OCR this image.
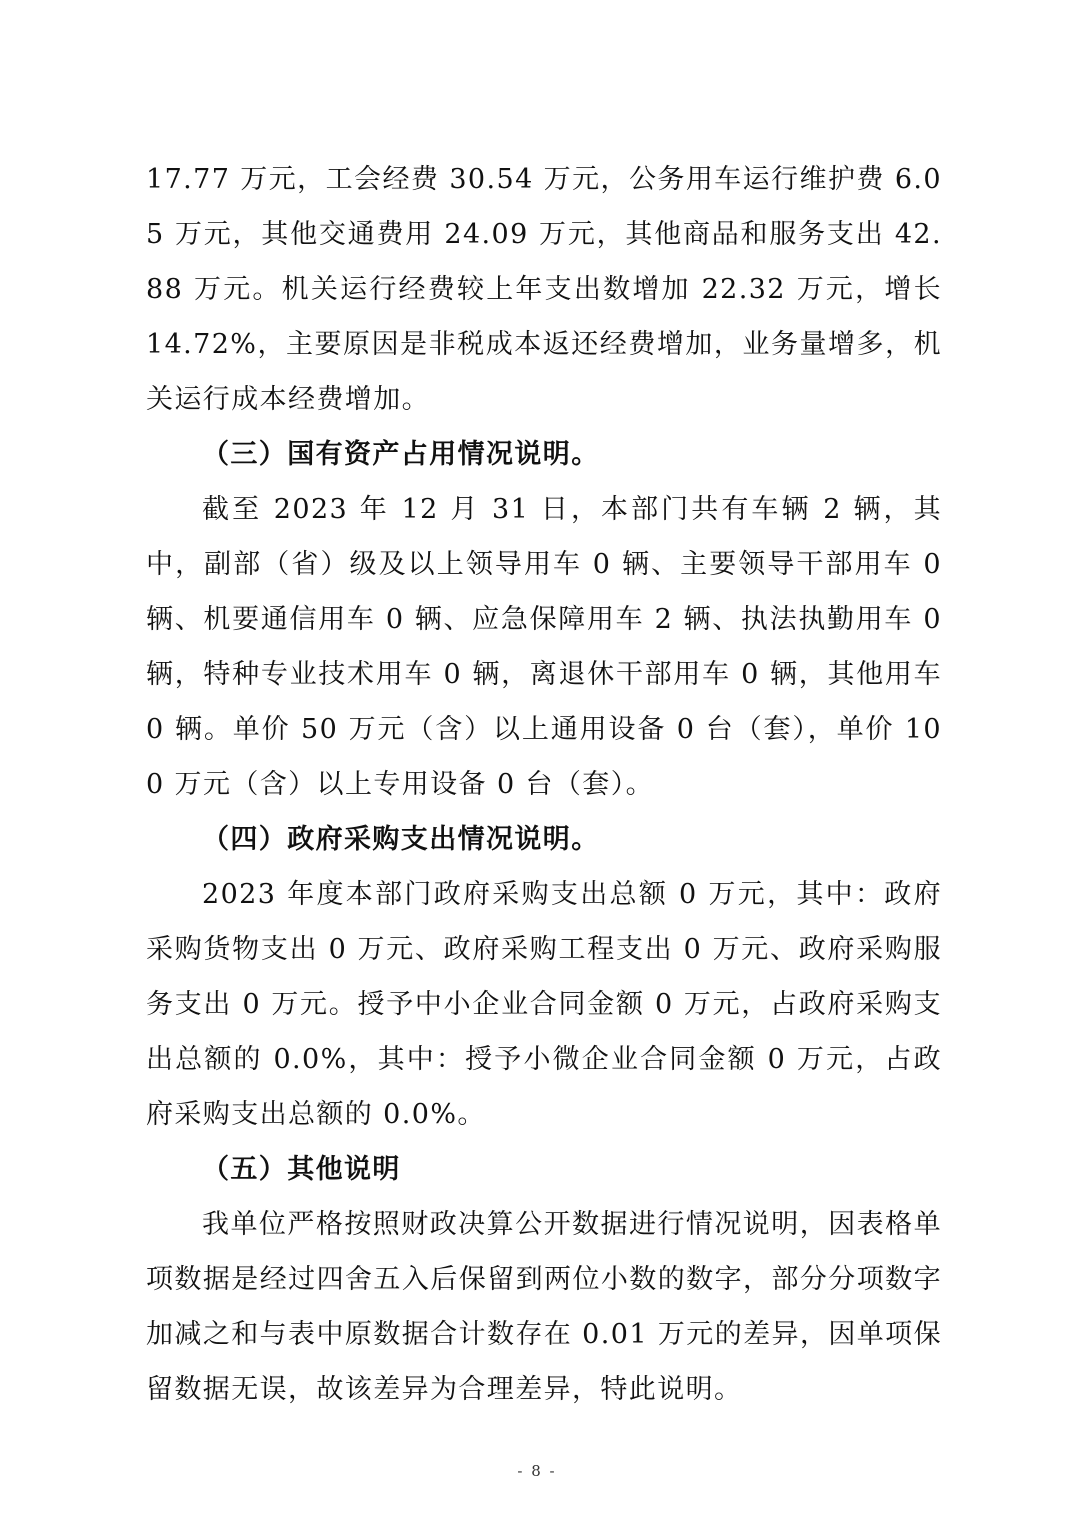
17.77 万元，工会经费 30.54 万元，公务用车运行维护费 6.05 万元，其他交通费用 24.09 万元，其他商品和服务支出 42.88 万元。机关运行经费较上年支出数增加 22.32 万元，增长 14.72%，主要原因是非税成本返还经费增加，业务量增多，机关运行成本经费增加。

（三）国有资产占用情况说明。

截至 2023 年 12 月 31 日，本部门共有车辆 2 辆，其中，副部（省）级及以上领导用车 0 辆、主要领导干部用车 0 辆、机要通信用车 0 辆、应急保障用车 2 辆、执法执勤用车 0 辆，特种专业技术用车 0 辆，离退休干部用车 0 辆，其他用车 0 辆。单价 50 万元（含）以上通用设备 0 台（套），单价 100 万元（含）以上专用设备 0 台（套）。

（四）政府采购支出情况说明。

2023 年度本部门政府采购支出总额 0 万元，其中：政府采购货物支出 0 万元、政府采购工程支出 0 万元、政府采购服务支出 0 万元。授予中小企业合同金额 0 万元，占政府采购支出总额的 0.0%，其中：授予小微企业合同金额 0 万元，占政府采购支出总额的 0.0%。

（五）其他说明

我单位严格按照财政决算公开数据进行情况说明，因表格单项数据是经过四舍五入后保留到两位小数的数字，部分分项数字加减之和与表中原数据合计数存在 0.01 万元的差异，因单项保留数据无误，故该差异为合理差异，特此说明。

- 8 -
